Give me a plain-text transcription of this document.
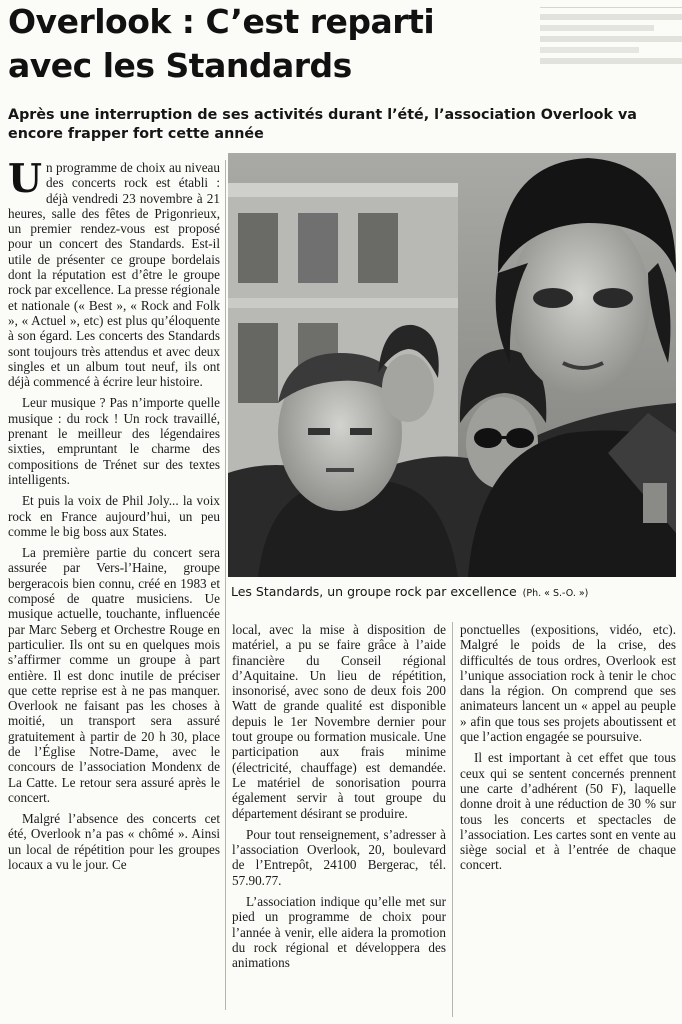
Overlook : C’est reparti
avec les Standards
Après une interruption de ses activités durant l’été, l’association Overlook va encore frapper fort cette année

Un programme de choix au niveau des concerts rock est établi : déjà vendredi 23 novembre à 21 heures, salle des fêtes de Prigonrieux, un premier rendez-vous est proposé pour un concert des Standards. Est-il utile de présenter ce groupe bordelais dont la réputation est d’être le groupe rock par excellence. La presse régionale et nationale (« Best », « Rock and Folk », « Actuel », etc) est plus qu’éloquente à son égard. Les concerts des Standards sont toujours très attendus et avec deux singles et un album tout neuf, ils ont déjà commencé à écrire leur histoire.

Leur musique ? Pas n’importe quelle musique : du rock ! Un rock travaillé, prenant le meilleur des légendaires sixties, empruntant le charme des compositions de Trénet sur des textes intelligents.

Et puis la voix de Phil Joly... la voix rock en France aujourd’hui, un peu comme le big boss aux States.

La première partie du concert sera assurée par Vers-l’Haine, groupe bergeracois bien connu, créé en 1983 et composé de quatre musiciens. Ue musique actuelle, touchante, influencée par Marc Seberg et Orchestre Rouge en particulier. Ils ont su en quelques mois s’affirmer comme un groupe à part entière. Il est donc inutile de préciser que cette reprise est à ne pas manquer. Overlook ne faisant pas les choses à moitié, un transport sera assuré gratuitement à partir de 20 h 30, place de l’Église Notre-Dame, avec le concours de l’association Mondenx de La Catte. Le retour sera assuré après le concert.

Malgré l’absence des concerts cet été, Overlook n’a pas « chômé ». Ainsi un local de répétition pour les groupes locaux a vu le jour. Ce

Les Standards, un groupe rock par excellence (Ph. « S.-O. »)

local, avec la mise à disposition de matériel, a pu se faire grâce à l’aide financière du Conseil régional d’Aquitaine. Un lieu de répétition, insonorisé, avec sono de deux fois 200 Watt de grande qualité est disponible depuis le 1er Novembre dernier pour tout groupe ou formation musicale. Une participation aux frais minime (électricité, chauffage) est demandée. Le matériel de sonorisation pourra également servir à tout groupe du département désirant se produire.

Pour tout renseignement, s’adresser à l’association Overlook, 20, boulevard de l’Entrepôt, 24100 Bergerac, tél. 57.90.77.

L’association indique qu’elle met sur pied un programme de choix pour l’année à venir, elle aidera la promotion du rock régional et développera des animations

ponctuelles (expositions, vidéo, etc). Malgré le poids de la crise, des difficultés de tous ordres, Overlook est l’unique association rock à tenir le choc dans la région. On comprend que ses animateurs lancent un « appel au peuple » afin que tous ses projets aboutissent et que l’action engagée se poursuive.

Il est important à cet effet que tous ceux qui se sentent concernés prennent une carte d’adhérent (50 F), laquelle donne droit à une réduction de 30 % sur tous les concerts et spectacles de l’association. Les cartes sont en vente au siège social et à l’entrée de chaque concert.
